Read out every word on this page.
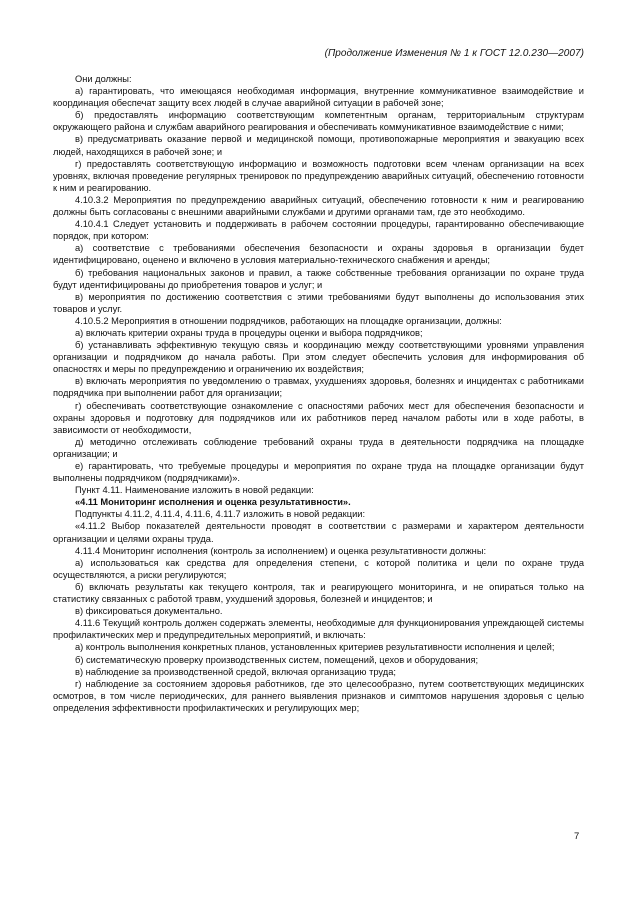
(Продолжение Изменения № 1 к ГОСТ 12.0.230—2007)

Они должны:

а) гарантировать, что имеющаяся необходимая информация, внутренние коммуникативное взаимодействие и координация обеспечат защиту всех людей в случае аварийной ситуации в рабочей зоне;

б) предоставлять информацию соответствующим компетентным органам, территориальным структурам окружающего района и службам аварийного реагирования и обеспечивать коммуникативное взаимодействие с ними;

в) предусматривать оказание первой и медицинской помощи, противопожарные мероприятия и эвакуацию всех людей, находящихся в рабочей зоне; и

г) предоставлять соответствующую информацию и возможность подготовки всем членам организации на всех уровнях, включая проведение регулярных тренировок по предупреждению аварийных ситуаций, обеспечению готовности к ним и реагированию.

4.10.3.2 Мероприятия по предупреждению аварийных ситуаций, обеспечению готовности к ним и реагированию должны быть согласованы с внешними аварийными службами и другими органами там, где это необходимо.

4.10.4.1 Следует установить и поддерживать в рабочем состоянии процедуры, гарантированно обеспечивающие порядок, при котором:

а) соответствие с требованиями обеспечения безопасности и охраны здоровья в организации будет идентифицировано, оценено и включено в условия материально-технического снабжения и аренды;

б) требования национальных законов и правил, а также собственные требования организации по охране труда будут идентифицированы до приобретения товаров и услуг; и

в) мероприятия по достижению соответствия с этими требованиями будут выполнены до использования этих товаров и услуг.

4.10.5.2 Мероприятия в отношении подрядчиков, работающих на площадке организации, должны:

а) включать критерии охраны труда в процедуры оценки и выбора подрядчиков;

б) устанавливать эффективную текущую связь и координацию между соответствующими уровнями управления организации и подрядчиком до начала работы. При этом следует обеспечить условия для информирования об опасностях и меры по предупреждению и ограничению их воздействия;

в) включать мероприятия по уведомлению о травмах, ухудшениях здоровья, болезнях и инцидентах с работниками подрядчика при выполнении работ для организации;

г) обеспечивать соответствующие ознакомление с опасностями рабочих мест для обеспечения безопасности и охраны здоровья и подготовку для подрядчиков или их работников перед началом работы или в ходе работы, в зависимости от необходимости,

д) методично отслеживать соблюдение требований охраны труда в деятельности подрядчика на площадке организации; и

е) гарантировать, что требуемые процедуры и мероприятия по охране труда на площадке организации будут выполнены подрядчиком (подрядчиками)».

Пункт 4.11. Наименование изложить в новой редакции:

«4.11 Мониторинг исполнения и оценка результативности».

Подпункты 4.11.2, 4.11.4, 4.11.6, 4.11.7 изложить в новой редакции:

«4.11.2 Выбор показателей деятельности проводят в соответствии с размерами и характером деятельности организации и целями охраны труда.

4.11.4 Мониторинг исполнения (контроль за исполнением) и оценка результативности должны:

а) использоваться как средства для определения степени, с которой политика и цели по охране труда осуществляются, а риски регулируются;

б) включать результаты как текущего контроля, так и реагирующего мониторинга, и не опираться только на статистику связанных с работой травм, ухудшений здоровья, болезней и инцидентов; и

в) фиксироваться документально.

4.11.6 Текущий контроль должен содержать элементы, необходимые для функционирования упреждающей системы профилактических мер и предупредительных мероприятий, и включать:

а) контроль выполнения конкретных планов, установленных критериев результативности исполнения и целей;

б) систематическую проверку производственных систем, помещений, цехов и оборудования;

в) наблюдение за производственной средой, включая организацию труда;

г) наблюдение за состоянием здоровья работников, где это целесообразно, путем соответствующих медицинских осмотров, в том числе периодических, для раннего выявления признаков и симптомов нарушения здоровья с целью определения эффективности профилактических и регулирующих мер;

7
